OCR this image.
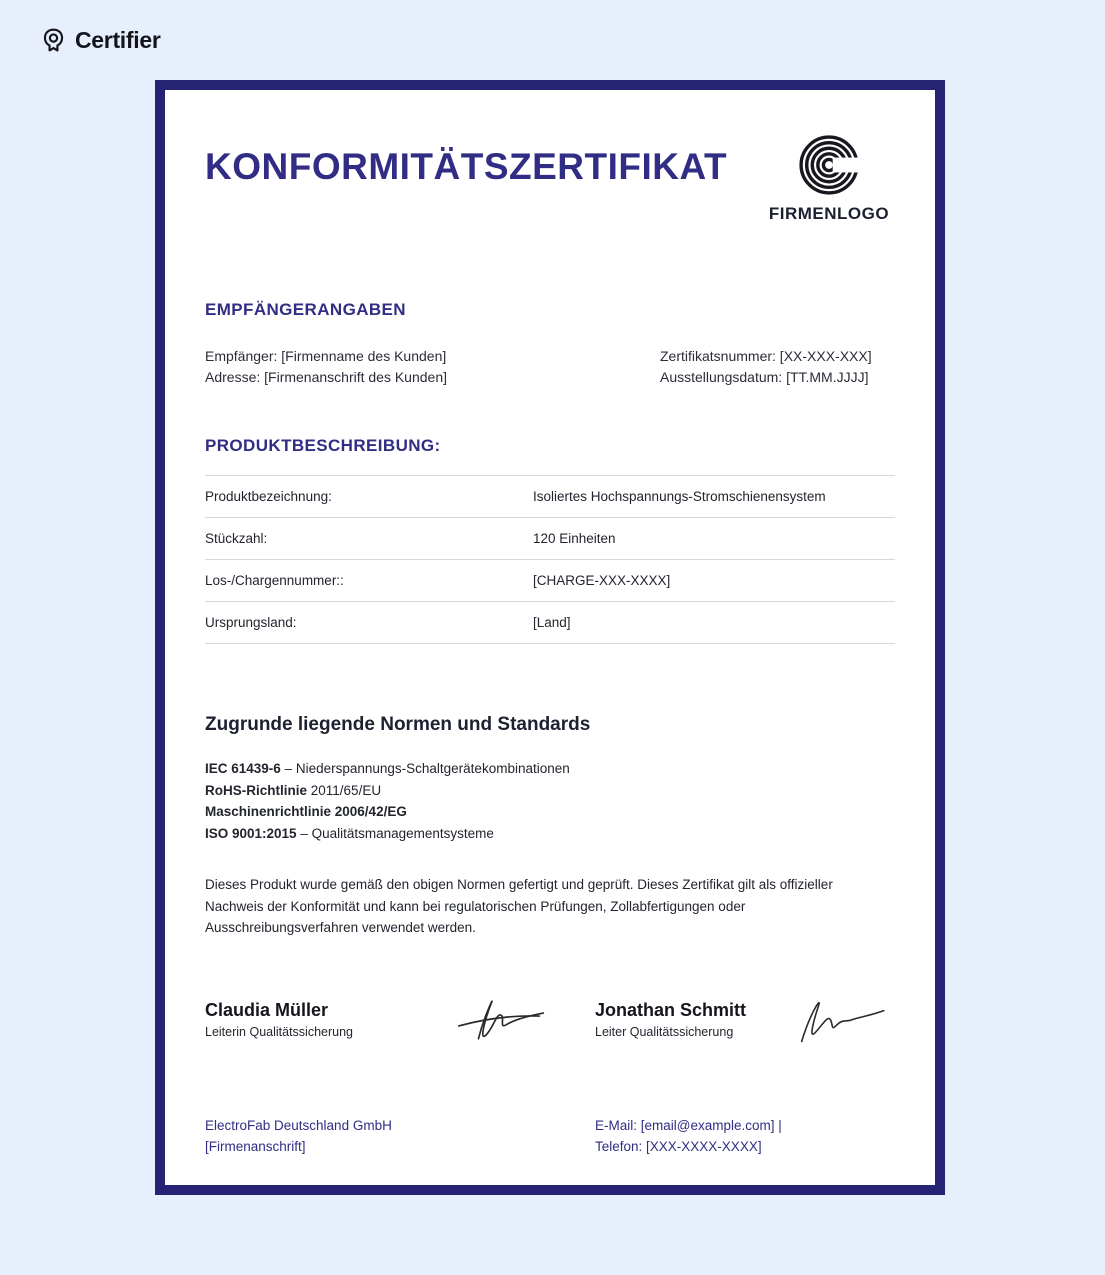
Certifier
KONFORMITÄTSZERTIFIKAT
FIRMENLOGO
EMPFÄNGERANGABEN
Empfänger: [Firmenname des Kunden]
Adresse: [Firmenanschrift des Kunden]
Zertifikatsnummer: [XX-XXX-XXX]
Ausstellungsdatum: [TT.MM.JJJJ]
PRODUKTBESCHREIBUNG:
Produktbezeichnung:	Isoliertes Hochspannungs-Stromschienensystem
Stückzahl:	120 Einheiten
Los-/Chargennummer::	[CHARGE-XXX-XXXX]
Ursprungsland:	[Land]
Zugrunde liegende Normen und Standards
IEC 61439-6 – Niederspannungs-Schaltgerätekombinationen
RoHS-Richtlinie 2011/65/EU
Maschinenrichtlinie 2006/42/EG
ISO 9001:2015 – Qualitätsmanagementsysteme

Dieses Produkt wurde gemäß den obigen Normen gefertigt und geprüft. Dieses Zertifikat gilt als offizieller Nachweis der Konformität und kann bei regulatorischen Prüfungen, Zollabfertigungen oder Ausschreibungsverfahren verwendet werden.

Claudia Müller
Leiterin Qualitätssicherung
Jonathan Schmitt
Leiter Qualitätssicherung
ElectroFab Deutschland GmbH
[Firmenanschrift]
E-Mail: [email@example.com] |
Telefon: [XXX-XXXX-XXXX]
